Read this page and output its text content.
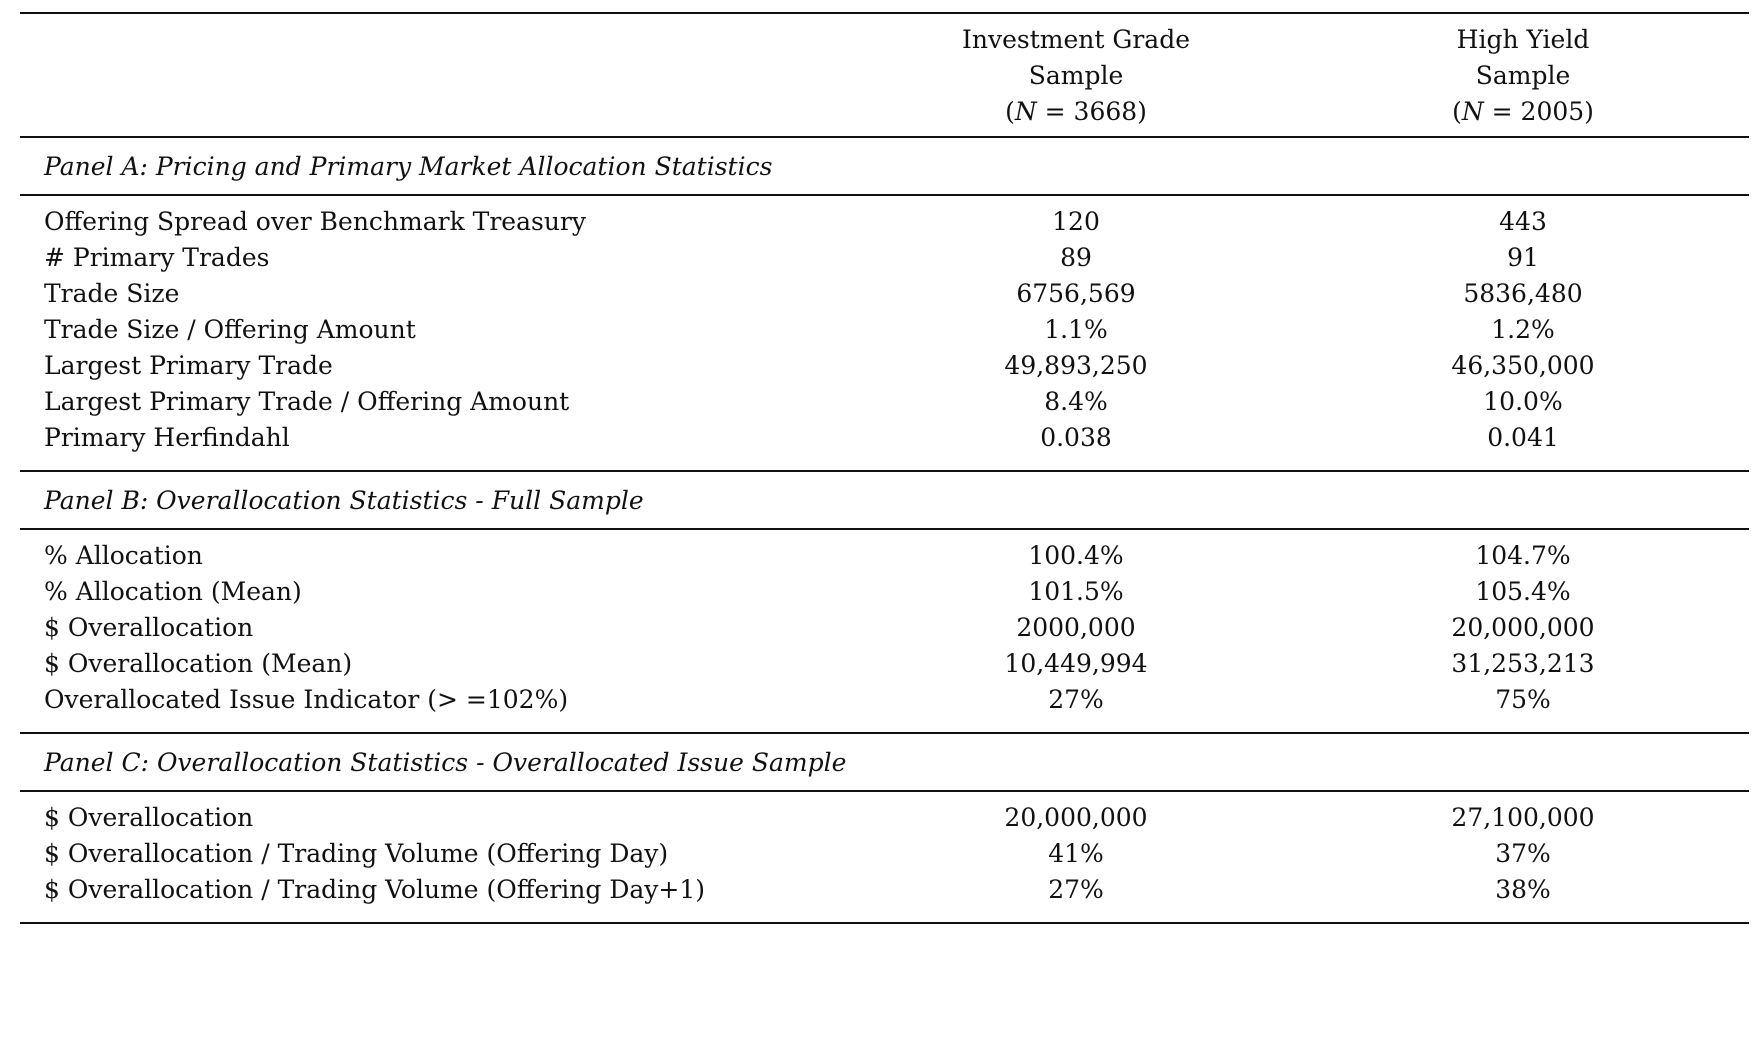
	Investment Grade
Sample
(N = 3668)	High Yield
Sample
(N = 2005)

Panel A: Pricing and Primary Market Allocation Statistics		

Offering Spread over Benchmark Treasury	120	443
# Primary Trades	89	91
Trade Size	6756,569	5836,480
Trade Size / Offering Amount	1.1%	1.2%
Largest Primary Trade	49,893,250	46,350,000
Largest Primary Trade / Offering Amount	8.4%	10.0%
Primary Herfindahl	0.038	0.041

Panel B: Overallocation Statistics - Full Sample		

% Allocation	100.4%	104.7%
% Allocation (Mean)	101.5%	105.4%
$ Overallocation	2000,000	20,000,000
$ Overallocation (Mean)	10,449,994	31,253,213
Overallocated Issue Indicator (> =102%)	27%	75%

Panel C: Overallocation Statistics - Overallocated Issue Sample		

$ Overallocation	20,000,000	27,100,000
$ Overallocation / Trading Volume (Offering Day)	41%	37%
$ Overallocation / Trading Volume (Offering Day+1)	27%	38%
